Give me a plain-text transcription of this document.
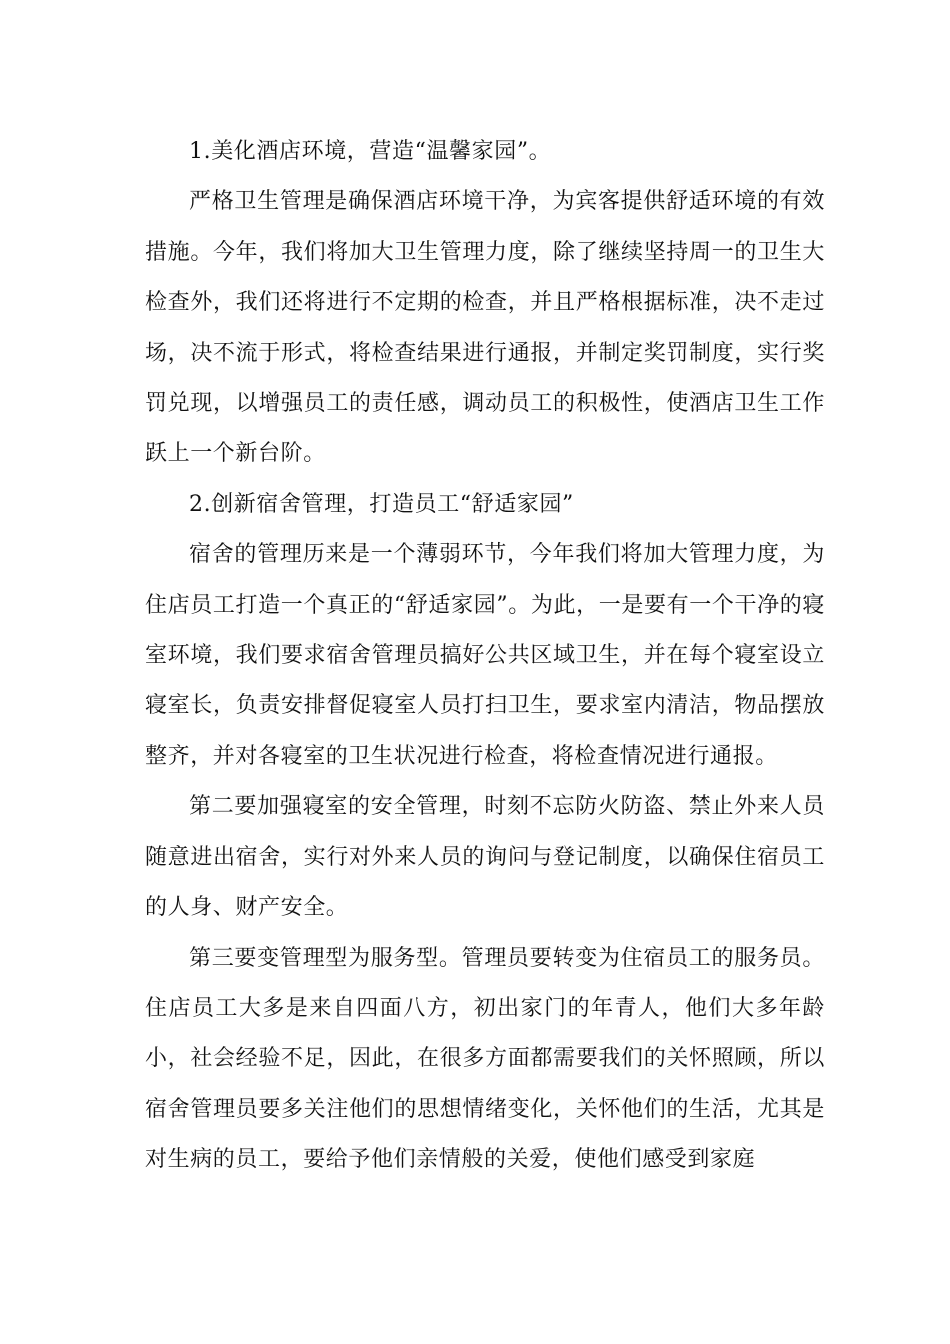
1.美化酒店环境，营造“温馨家园”。

严格卫生管理是确保酒店环境干净，为宾客提供舒适环境的有效措施。今年，我们将加大卫生管理力度，除了继续坚持周一的卫生大检查外，我们还将进行不定期的检查，并且严格根据标准，决不走过场，决不流于形式，将检查结果进行通报，并制定奖罚制度，实行奖罚兑现，以增强员工的责任感，调动员工的积极性，使酒店卫生工作跃上一个新台阶。

2.创新宿舍管理，打造员工“舒适家园”

宿舍的管理历来是一个薄弱环节，今年我们将加大管理力度，为住店员工打造一个真正的“舒适家园”。为此，一是要有一个干净的寝室环境，我们要求宿舍管理员搞好公共区域卫生，并在每个寝室设立寝室长，负责安排督促寝室人员打扫卫生，要求室内清洁，物品摆放整齐，并对各寝室的卫生状况进行检查，将检查情况进行通报。

第二要加强寝室的安全管理，时刻不忘防火防盗、禁止外来人员随意进出宿舍，实行对外来人员的询问与登记制度，以确保住宿员工的人身、财产安全。

第三要变管理型为服务型。管理员要转变为住宿员工的服务员。住店员工大多是来自四面八方，初出家门的年青人，他们大多年龄小，社会经验不足，因此，在很多方面都需要我们的关怀照顾，所以宿舍管理员要多关注他们的思想情绪变化，关怀他们的生活，尤其是对生病的员工，要给予他们亲情般的关爱，使他们感受到家庭
